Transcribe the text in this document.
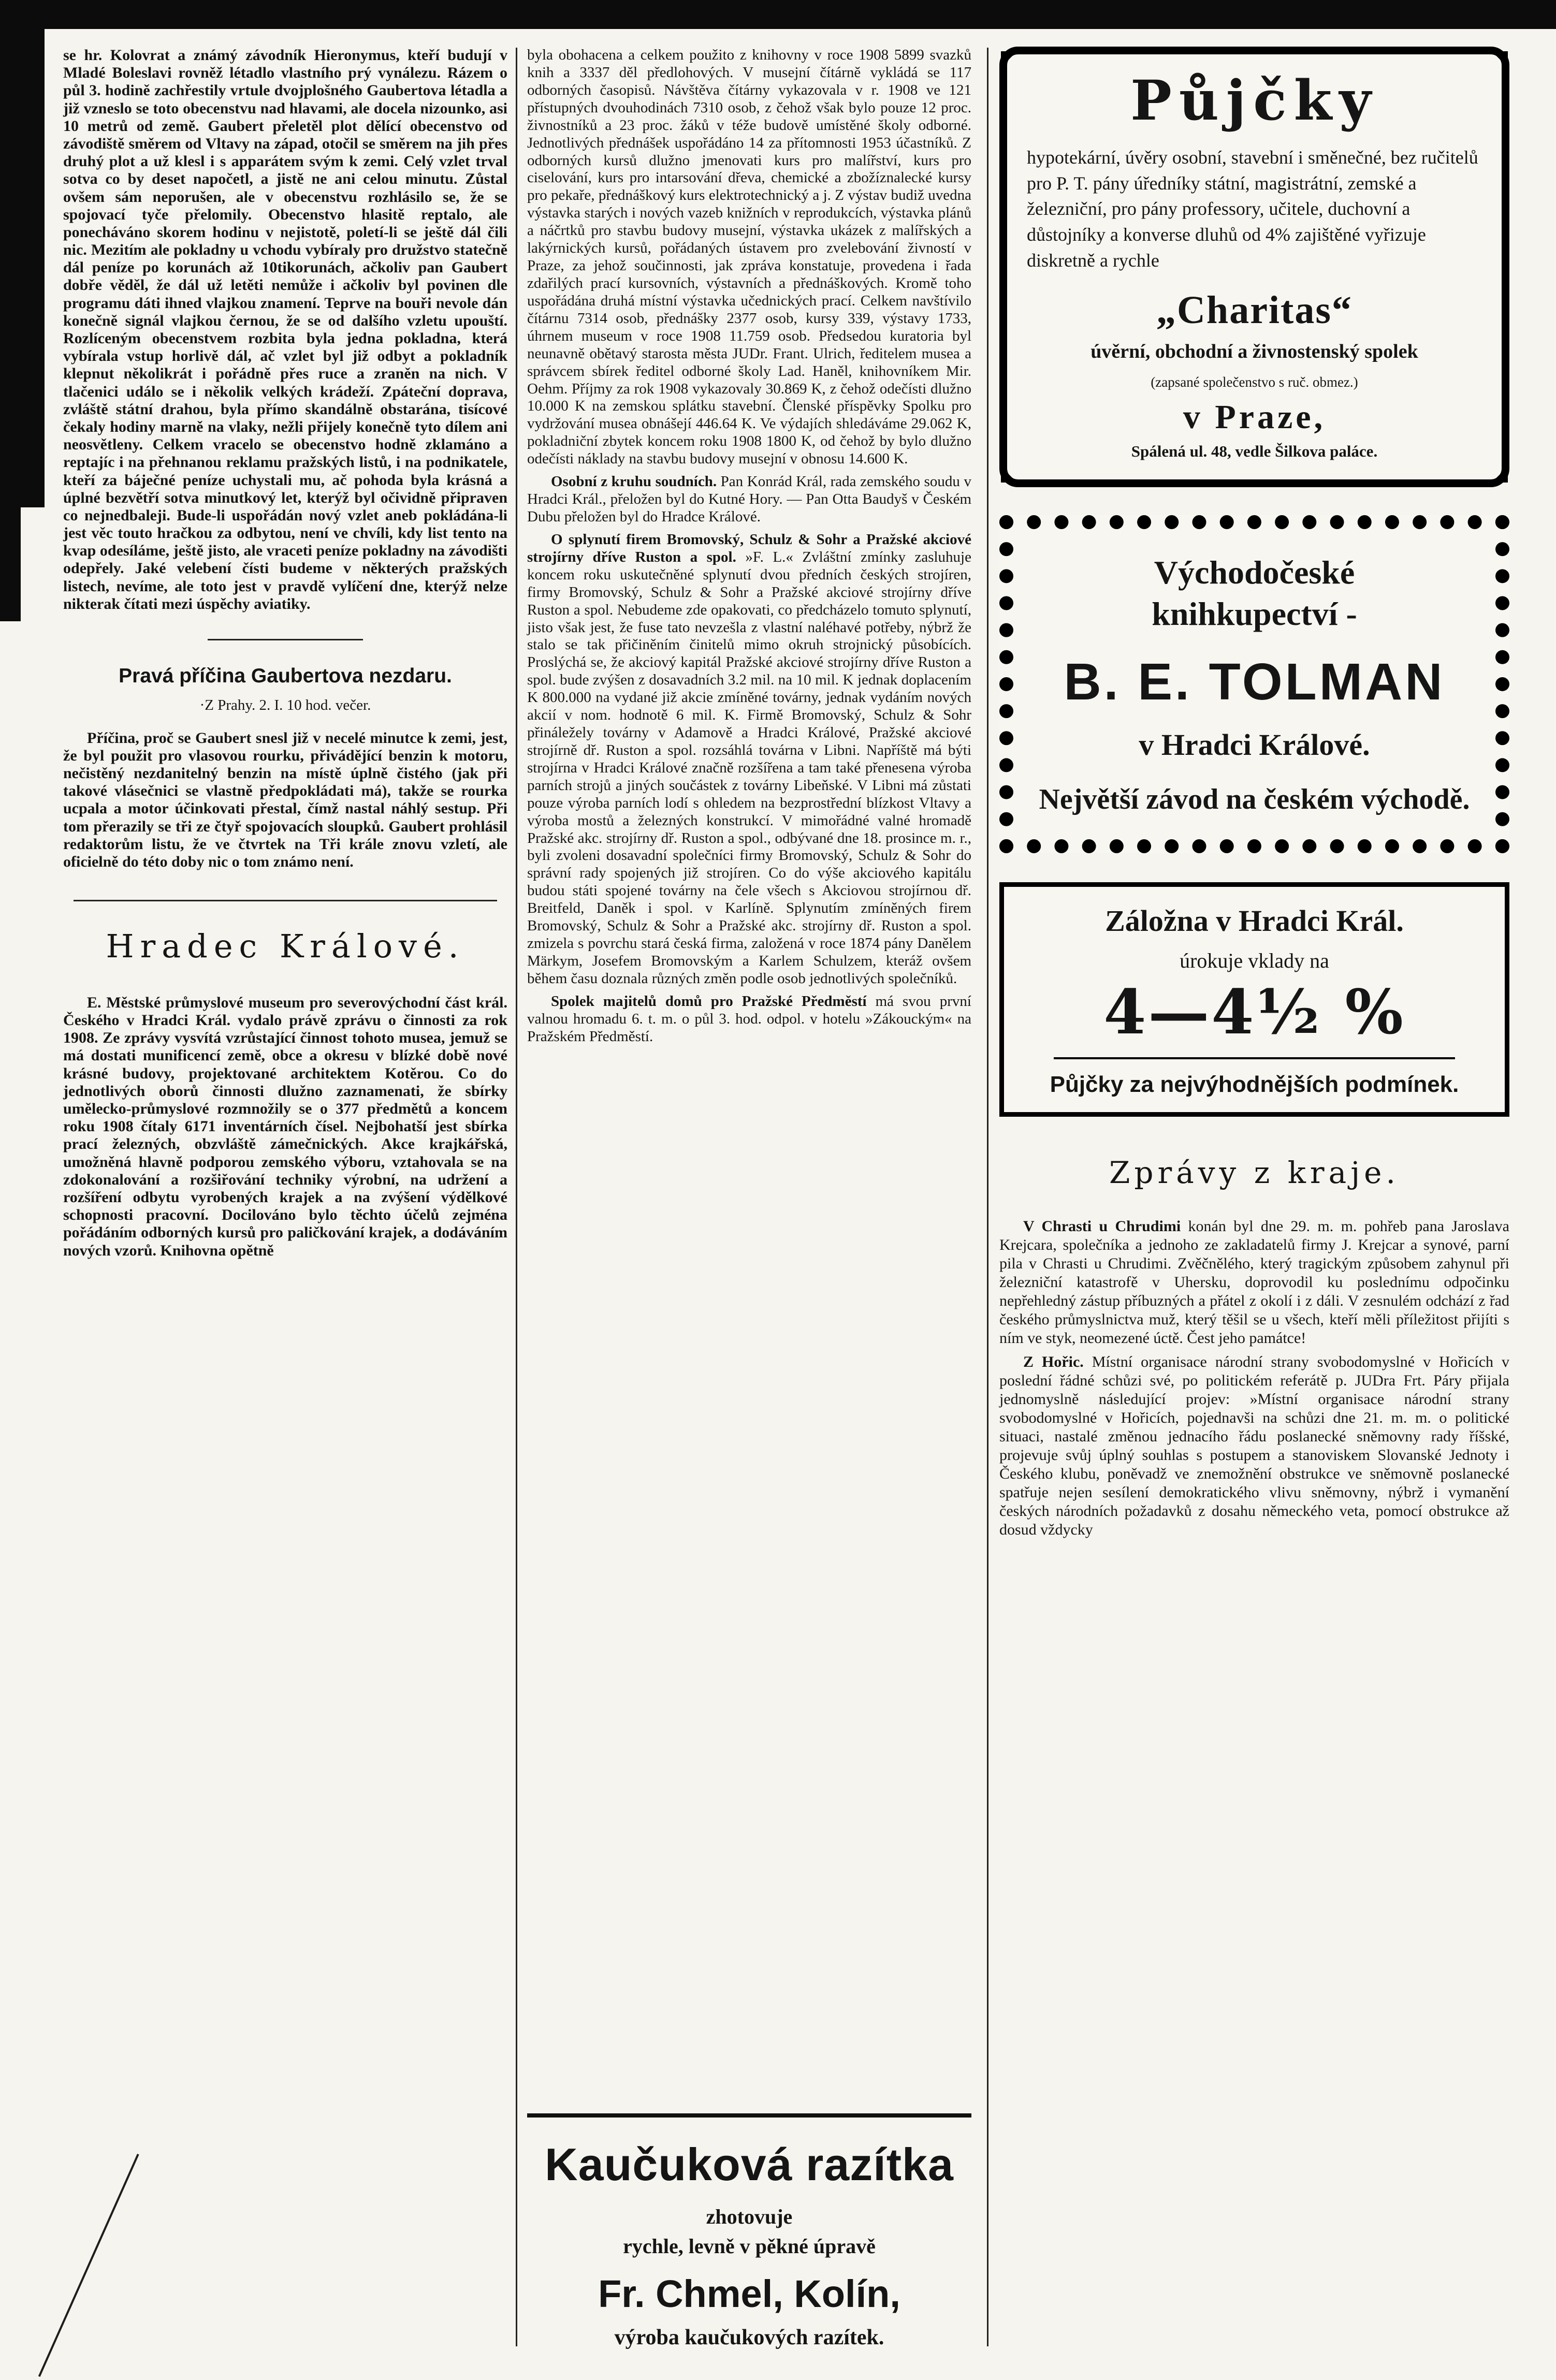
se hr. Kolovrat a známý závodník Hieronymus, kteří budují v Mladé Boleslavi rovněž létadlo vlastního prý vynálezu. Rázem o půl 3. hodině zachřestily vrtule dvojplošného Gaubertova létadla a již vzneslo se toto obecenstvu nad hlavami, ale docela nizounko, asi 10 metrů od země. Gaubert přeletěl plot dělící obecenstvo od závodiště směrem od Vltavy na západ, otočil se směrem na jih přes druhý plot a už klesl i s apparátem svým k zemi. Celý vzlet trval sotva co by deset napočetl, a jistě ne ani celou minutu. Zůstal ovšem sám neporušen, ale v obecenstvu rozhlásilo se, že se spojovací tyče přelomily. Obecenstvo hlasitě reptalo, ale ponecháváno skorem hodinu v nejistotě, poletí-li se ještě dál čili nic. Mezitím ale pokladny u vchodu vybíraly pro družstvo statečně dál peníze po korunách až 10tikorunách, ačkoliv pan Gaubert dobře věděl, že dál už letěti nemůže i ačkoliv byl povinen dle programu dáti ihned vlajkou znamení. Teprve na bouři nevole dán konečně signál vlajkou černou, že se od dalšího vzletu upouští. Rozlíceným obecenstvem rozbita byla jedna pokladna, která vybírala vstup horlivě dál, ač vzlet byl již odbyt a pokladník klepnut několikrát i pořádně přes ruce a zraněn na nich. V tlačenici událo se i několik velkých krádeží. Zpáteční doprava, zvláště státní drahou, byla přímo skandálně obstarána, tisícové čekaly hodiny marně na vlaky, nežli přijely konečně tyto dílem ani neosvětleny. Celkem vracelo se obecenstvo hodně zklamáno a reptajíc i na přehnanou reklamu pražských listů, i na podnikatele, kteří za báječné peníze uchystali mu, ač pohoda byla krásná a úplné bezvětří sotva minutkový let, kterýž byl očividně připraven co nejnedbaleji. Bude-li uspořádán nový vzlet aneb pokládána-li jest věc touto hračkou za odbytou, není ve chvíli, kdy list tento na kvap odesíláme, ještě jisto, ale vraceti peníze pokladny na závodišti odepřely. Jaké velebení čísti budeme v některých pražských listech, nevíme, ale toto jest v pravdě vylíčení dne, kterýž nelze nikterak čítati mezi úspěchy aviatiky.

Pravá příčina Gaubertova nezdaru.

·Z Prahy. 2. I. 10 hod. večer.

Příčina, proč se Gaubert snesl již v necelé minutce k zemi, jest, že byl použit pro vlasovou rourku, přivádějící benzin k motoru, nečistěný nezdanitelný benzin na místě úplně čistého (jak při takové vlásečnici se vlastně předpokládati má), takže se rourka ucpala a motor účinkovati přestal, čímž nastal náhlý sestup. Při tom přerazily se tři ze čtyř spojovacích sloupků. Gaubert prohlásil redaktorům listu, že ve čtvrtek na Tři krále znovu vzletí, ale oficielně do této doby nic o tom známo není.

Hradec Králové.

E. Městské průmyslové museum pro severovýchodní část král. Českého v Hradci Král. vydalo právě zprávu o činnosti za rok 1908. Ze zprávy vysvítá vzrůstající činnost tohoto musea, jemuž se má dostati munificencí země, obce a okresu v blízké době nové krásné budovy, projektované architektem Kotěrou. Co do jednotlivých oborů činnosti dlužno zaznamenati, že sbírky umělecko-průmyslové rozmnožily se o 377 předmětů a koncem roku 1908 čítaly 6171 inventárních čísel. Nejbohatší jest sbírka prací železných, obzvláště zámečnických. Akce krajkářská, umožněná hlavně podporou zemského výboru, vztahovala se na zdokonalování a rozšiřování techniky výrobní, na udržení a rozšíření odbytu vyrobených krajek a na zvýšení výdělkové schopnosti pracovní. Docilováno bylo těchto účelů zejména pořádáním odborných kursů pro paličkování krajek, a dodáváním nových vzorů. Knihovna opětně

byla obohacena a celkem použito z knihovny v roce 1908 5899 svazků knih a 3337 děl předlohových. V musejní čítárně vykládá se 117 odborných časopisů. Návštěva čítárny vykazovala v r. 1908 ve 121 přístupných dvouhodinách 7310 osob, z čehož však bylo pouze 12 proc. živnostníků a 23 proc. žáků v téže budově umístěné školy odborné. Jednotlivých přednášek uspořádáno 14 za přítomnosti 1953 účastníků. Z odborných kursů dlužno jmenovati kurs pro malířství, kurs pro ciselování, kurs pro intarsování dřeva, chemické a zbožíznalecké kursy pro pekaře, přednáškový kurs elektrotechnický a j. Z výstav budiž uvedna výstavka starých i nových vazeb knižních v reprodukcích, výstavka plánů a náčrtků pro stavbu budovy musejní, výstavka ukázek z malířských a lakýrnických kursů, pořádaných ústavem pro zvelebování živností v Praze, za jehož součinnosti, jak zpráva konstatuje, provedena i řada zdařilých prací kursovních, výstavních a přednáškových. Kromě toho uspořádána druhá místní výstavka učednických prací. Celkem navštívilo čítárnu 7314 osob, přednášky 2377 osob, kursy 339, výstavy 1733, úhrnem museum v roce 1908 11.759 osob. Předsedou kuratoria byl neunavně obětavý starosta města JUDr. Frant. Ulrich, ředitelem musea a správcem sbírek ředitel odborné školy Lad. Haněl, knihovníkem Mir. Oehm. Příjmy za rok 1908 vykazovaly 30.869 K, z čehož odečísti dlužno 10.000 K na zemskou splátku stavební. Členské příspěvky Spolku pro vydržování musea obnášejí 446.64 K. Ve výdajích shledáváme 29.062 K, pokladniční zbytek koncem roku 1908 1800 K, od čehož by bylo dlužno odečísti náklady na stavbu budovy musejní v obnosu 14.600 K.

Osobní z kruhu soudních. Pan Konrád Král, rada zemského soudu v Hradci Král., přeložen byl do Kutné Hory. — Pan Otta Baudyš v Českém Dubu přeložen byl do Hradce Králové.

O splynutí firem Bromovský, Schulz & Sohr a Pražské akciové strojírny dříve Ruston a spol. »F. L.« Zvláštní zmínky zasluhuje koncem roku uskutečněné splynutí dvou předních českých strojíren, firmy Bromovský, Schulz & Sohr a Pražské akciové strojírny dříve Ruston a spol. Nebudeme zde opakovati, co předcházelo tomuto splynutí, jisto však jest, že fuse tato nevzešla z vlastní naléhavé potřeby, nýbrž že stalo se tak přičiněním činitelů mimo okruh strojnický působících. Proslýchá se, že akciový kapitál Pražské akciové strojírny dříve Ruston a spol. bude zvýšen z dosavadních 3.2 mil. na 10 mil. K jednak doplacením K 800.000 na vydané již akcie zmíněné továrny, jednak vydáním nových akcií v nom. hodnotě 6 mil. K. Firmě Bromovský, Schulz & Sohr přináležely továrny v Adamově a Hradci Králové, Pražské akciové strojírně dř. Ruston a spol. rozsáhlá továrna v Libni. Napříště má býti strojírna v Hradci Králové značně rozšířena a tam také přenesena výroba parních strojů a jiných součástek z továrny Libeňské. V Libni má zůstati pouze výroba parních lodí s ohledem na bezprostřední blízkost Vltavy a výroba mostů a železných konstrukcí. V mimořádné valné hromadě Pražské akc. strojírny dř. Ruston a spol., odbývané dne 18. prosince m. r., byli zvoleni dosavadní společníci firmy Bromovský, Schulz & Sohr do správní rady spojených již strojíren. Co do výše akciového kapitálu budou státi spojené továrny na čele všech s Akciovou strojírnou dř. Breitfeld, Daněk i spol. v Karlíně. Splynutím zmíněných firem Bromovský, Schulz & Sohr a Pražské akc. strojírny dř. Ruston a spol. zmizela s povrchu stará česká firma, založená v roce 1874 pány Danělem Märkym, Josefem Bromovským a Karlem Schulzem, kteráž ovšem během času doznala různých změn podle osob jednotlivých společníků.

Spolek majitelů domů pro Pražské Předměstí má svou první valnou hromadu 6. t. m. o půl 3. hod. odpol. v hotelu »Zákouckým« na Pražském Předměstí.

Kaučuková razítka
zhotovuje
rychle, levně v pěkné úpravě
Fr. Chmel, Kolín,
výroba kaučukových razítek.
Půjčky
hypotekární, úvěry osobní, stavební i směnečné, bez ručitelů pro P. T. pány úředníky státní, magistrátní, zemské a železniční, pro pány professory, učitele, duchovní a důstojníky a konverse dluhů od 4% zajištěné vyřizuje diskretně a rychle
„Charitas“
úvěrní, obchodní a živnostenský spolek
(zapsané společenstvo s ruč. obmez.)
v Praze,
Spálená ul. 48, vedle Šilkova paláce.
Východočeské
knihkupectví -
B. E. TOLMAN
v Hradci Králové.
Největší závod na českém východě.
Záložna v Hradci Král.
úrokuje vklady na
4—4½ %
Půjčky za nejvýhodnějších podmínek.
Zprávy z kraje.

V Chrasti u Chrudimi konán byl dne 29. m. m. pohřeb pana Jaroslava Krejcara, společníka a jednoho ze zakladatelů firmy J. Krejcar a synové, parní pila v Chrasti u Chrudimi. Zvěčnělého, který tragickým způsobem zahynul při železniční katastrofě v Uhersku, doprovodil ku poslednímu odpočinku nepřehledný zástup příbuzných a přátel z okolí i z dáli. V zesnulém odchází z řad českého průmyslnictva muž, který těšil se u všech, kteří měli příležitost přijíti s ním ve styk, neomezené úctě. Čest jeho památce!

Z Hořic. Místní organisace národní strany svobodomyslné v Hořicích v poslední řádné schůzi své, po politickém referátě p. JUDra Frt. Páry přijala jednomyslně následující projev: »Místní organisace národní strany svobodomyslné v Hořicích, pojednavši na schůzi dne 21. m. m. o politické situaci, nastalé změnou jednacího řádu poslanecké sněmovny rady říšské, projevuje svůj úplný souhlas s postupem a stanoviskem Slovanské Jednoty i Českého klubu, poněvadž ve znemožnění obstrukce ve sněmovně poslanecké spatřuje nejen sesílení demokratického vlivu sněmovny, nýbrž i vymanění českých národních požadavků z dosahu německého veta, pomocí obstrukce až dosud vždycky
